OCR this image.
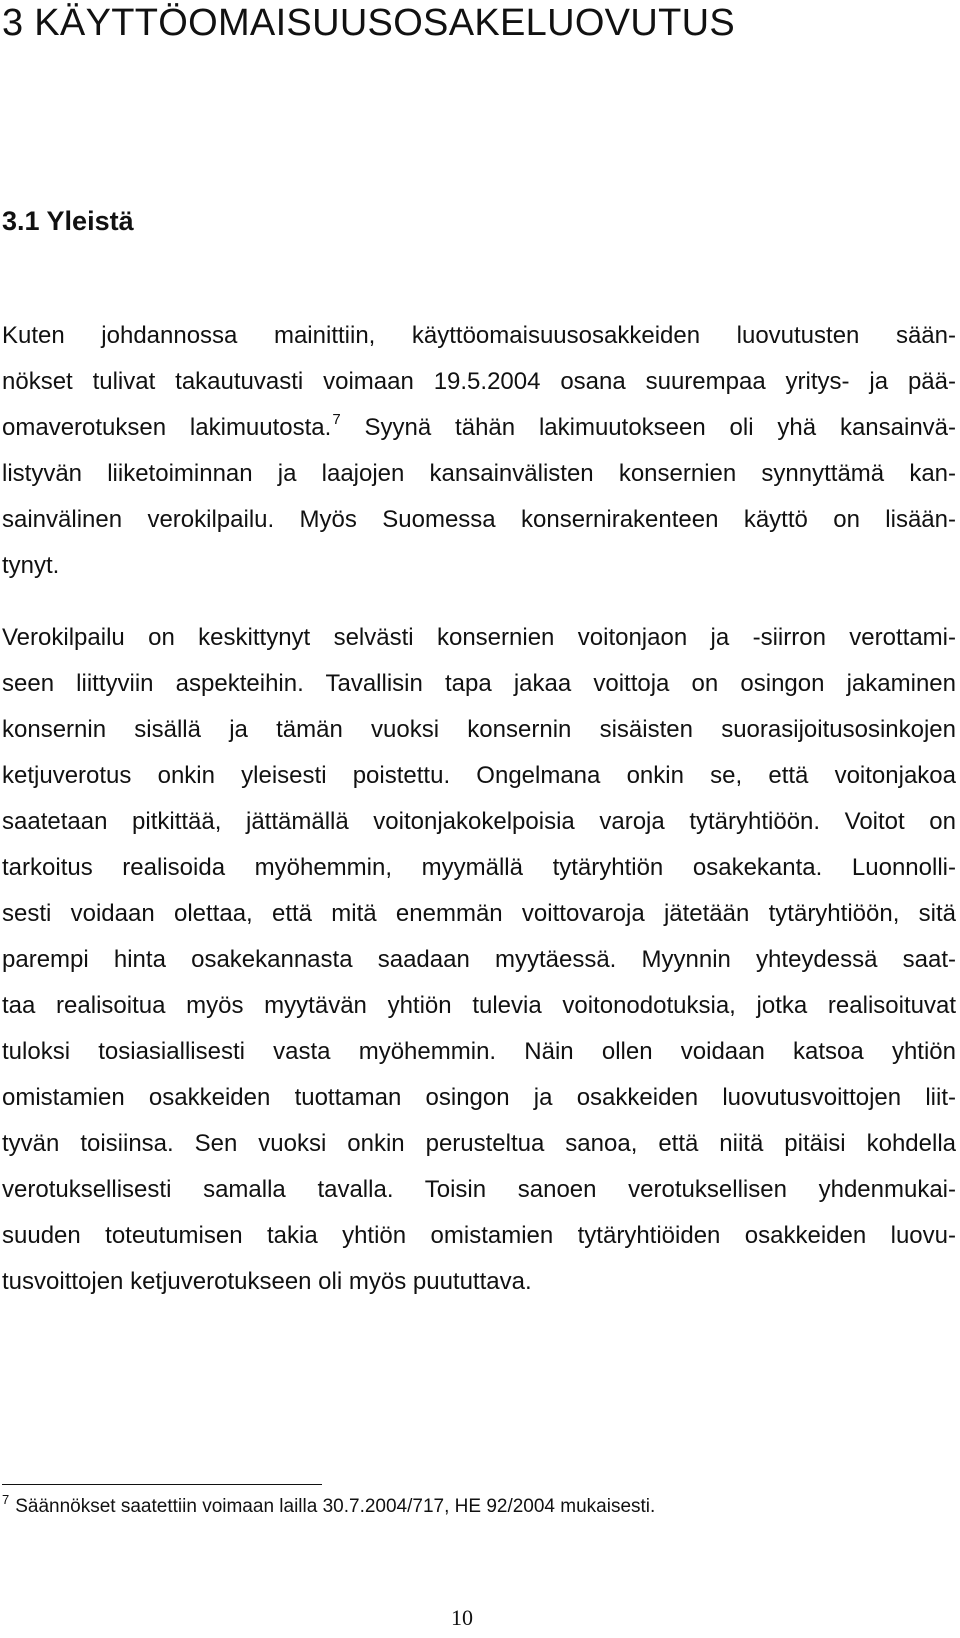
3 KÄYTTÖOMAISUUSOSAKELUOVUTUS
3.1 Yleistä
Kuten johdannossa mainittiin, käyttöomaisuusosakkeiden luovutusten sään-
nökset tulivat takautuvasti voimaan 19.5.2004 osana suurempaa yritys- ja pää-
omaverotuksen lakimuutosta.$^7$ Syynä tähän lakimuutokseen oli yhä kansainvä-
listyvän liiketoiminnan ja laajojen kansainvälisten konsernien synnyttämä kan-
sainvälinen verokilpailu. Myös Suomessa konsernirakenteen käyttö on lisään-
tynyt.
Verokilpailu on keskittynyt selvästi konsernien voitonjaon ja -siirron verottami-
seen liittyviin aspekteihin. Tavallisin tapa jakaa voittoja on osingon jakaminen
konsernin sisällä ja tämän vuoksi konsernin sisäisten suorasijoitusosinkojen
ketjuverotus onkin yleisesti poistettu. Ongelmana onkin se, että voitonjakoa
saatetaan pitkittää, jättämällä voitonjakokelpoisia varoja tytäryhtiöön. Voitot on
tarkoitus realisoida myöhemmin, myymällä tytäryhtiön osakekanta. Luonnolli-
sesti voidaan olettaa, että mitä enemmän voittovaroja jätetään tytäryhtiöön, sitä
parempi hinta osakekannasta saadaan myytäessä. Myynnin yhteydessä saat-
taa realisoitua myös myytävän yhtiön tulevia voitonodotuksia, jotka realisoituvat
tuloksi tosiasiallisesti vasta myöhemmin. Näin ollen voidaan katsoa yhtiön
omistamien osakkeiden tuottaman osingon ja osakkeiden luovutusvoittojen liit-
tyvän toisiinsa. Sen vuoksi onkin perusteltua sanoa, että niitä pitäisi kohdella
verotuksellisesti samalla tavalla. Toisin sanoen verotuksellisen yhdenmukai-
suuden toteutumisen takia yhtiön omistamien tytäryhtiöiden osakkeiden luovu-
tusvoittojen ketjuverotukseen oli myös puututtava.

$^7$ Säännökset saatettiin voimaan lailla 30.7.2004/717, HE 92/2004 mukaisesti.

10
